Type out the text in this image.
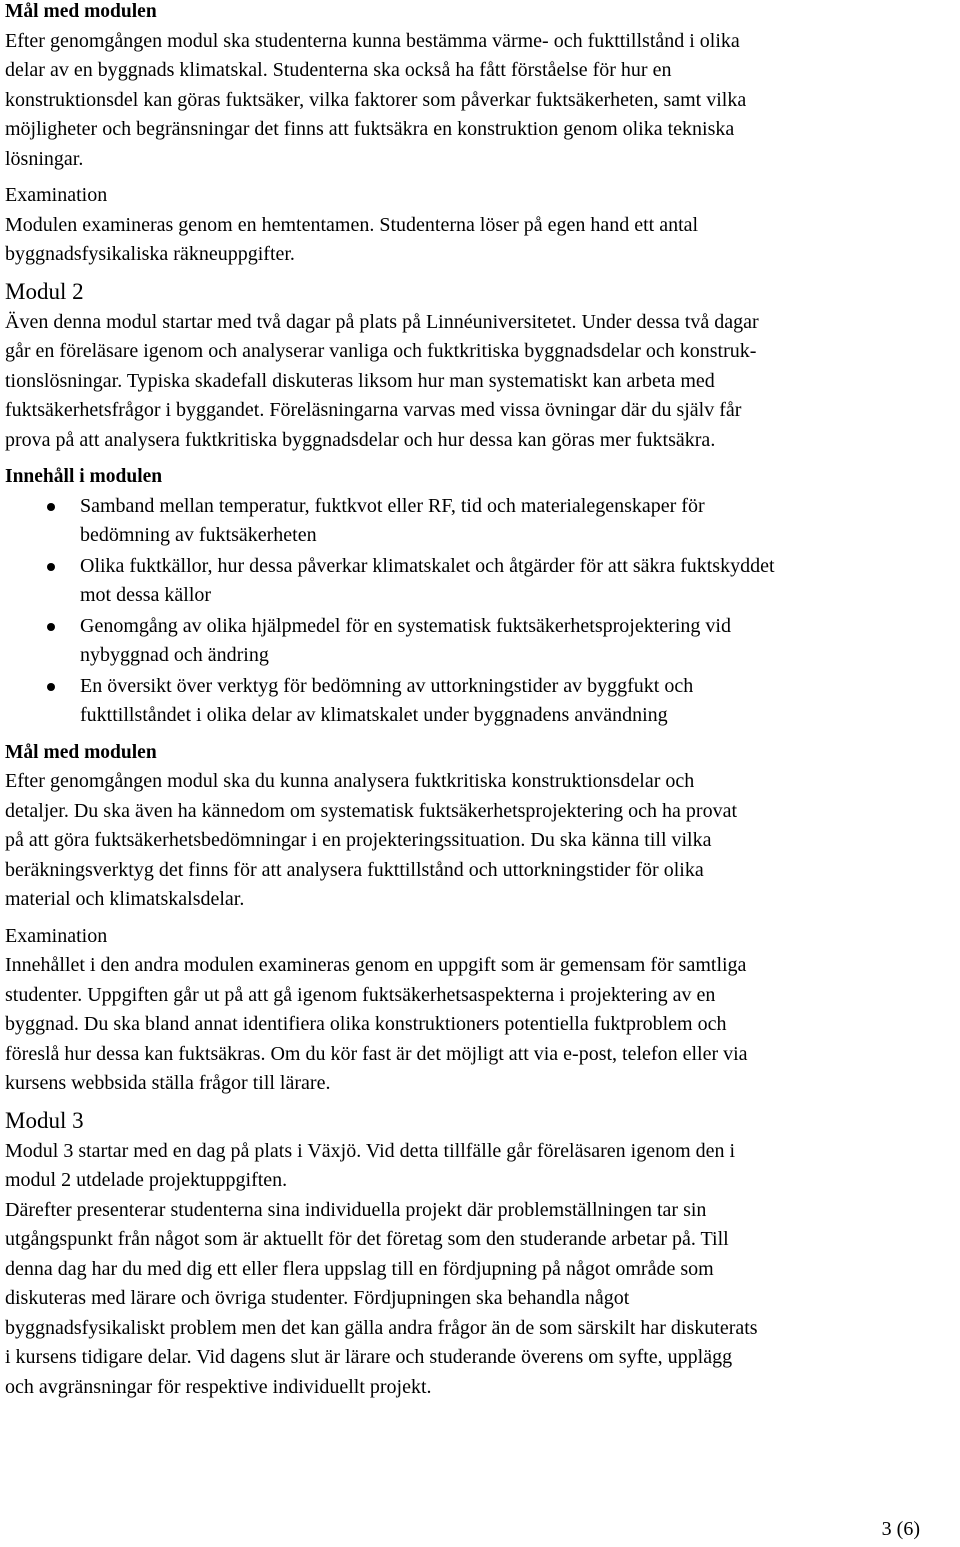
Mål med modulen
Efter genomgången modul ska studenterna kunna bestämma värme- och fukttillstånd i olika
delar av en byggnads klimatskal. Studenterna ska också ha fått förståelse för hur en
konstruktionsdel kan göras fuktsäker, vilka faktorer som påverkar fuktsäkerheten, samt vilka
möjligheter och begränsningar det finns att fuktsäkra en konstruktion genom olika tekniska
lösningar.
Examination
Modulen examineras genom en hemtentamen. Studenterna löser på egen hand ett antal
byggnadsfysikaliska räkneuppgifter.
Modul 2
Även denna modul startar med två dagar på plats på Linnéuniversitetet. Under dessa två dagar
går en föreläsare igenom och analyserar vanliga och fuktkritiska byggnadsdelar och konstruk-
tionslösningar. Typiska skadefall diskuteras liksom hur man systematiskt kan arbeta med
fuktsäkerhetsfrågor i byggandet. Föreläsningarna varvas med vissa övningar där du själv får
prova på att analysera fuktkritiska byggnadsdelar och hur dessa kan göras mer fuktsäkra.
Innehåll i modulen
Samband mellan temperatur, fuktkvot eller RF, tid och materialegenskaper för
bedömning av fuktsäkerheten
Olika fuktkällor, hur dessa påverkar klimatskalet och åtgärder för att säkra fuktskyddet
mot dessa källor
Genomgång av olika hjälpmedel för en systematisk fuktsäkerhetsprojektering vid
nybyggnad och ändring
En översikt över verktyg för bedömning av uttorkningstider av byggfukt och
fukttillståndet i olika delar av klimatskalet under byggnadens användning
Mål med modulen
Efter genomgången modul ska du kunna analysera fuktkritiska konstruktionsdelar och
detaljer. Du ska även ha kännedom om systematisk fuktsäkerhetsprojektering och ha provat
på att göra fuktsäkerhetsbedömningar i en projekteringssituation. Du ska känna till vilka
beräkningsverktyg det finns för att analysera fukttillstånd och uttorkningstider för olika
material och klimatskalsdelar.
Examination
Innehållet i den andra modulen examineras genom en uppgift som är gemensam för samtliga
studenter. Uppgiften går ut på att gå igenom fuktsäkerhetsaspekterna i projektering av en
byggnad. Du ska bland annat identifiera olika konstruktioners potentiella fuktproblem och
föreslå hur dessa kan fuktsäkras. Om du kör fast är det möjligt att via e-post, telefon eller via
kursens webbsida ställa frågor till lärare.
Modul 3
Modul 3 startar med en dag på plats i Växjö. Vid detta tillfälle går föreläsaren igenom den i
modul 2 utdelade projektuppgiften.
Därefter presenterar studenterna sina individuella projekt där problemställningen tar sin
utgångspunkt från något som är aktuellt för det företag som den studerande arbetar på. Till
denna dag har du med dig ett eller flera uppslag till en fördjupning på något område som
diskuteras med lärare och övriga studenter. Fördjupningen ska behandla något
byggnadsfysikaliskt problem men det kan gälla andra frågor än de som särskilt har diskuterats
i kursens tidigare delar. Vid dagens slut är lärare och studerande överens om syfte, upplägg
och avgränsningar för respektive individuellt projekt.
3 (6)
